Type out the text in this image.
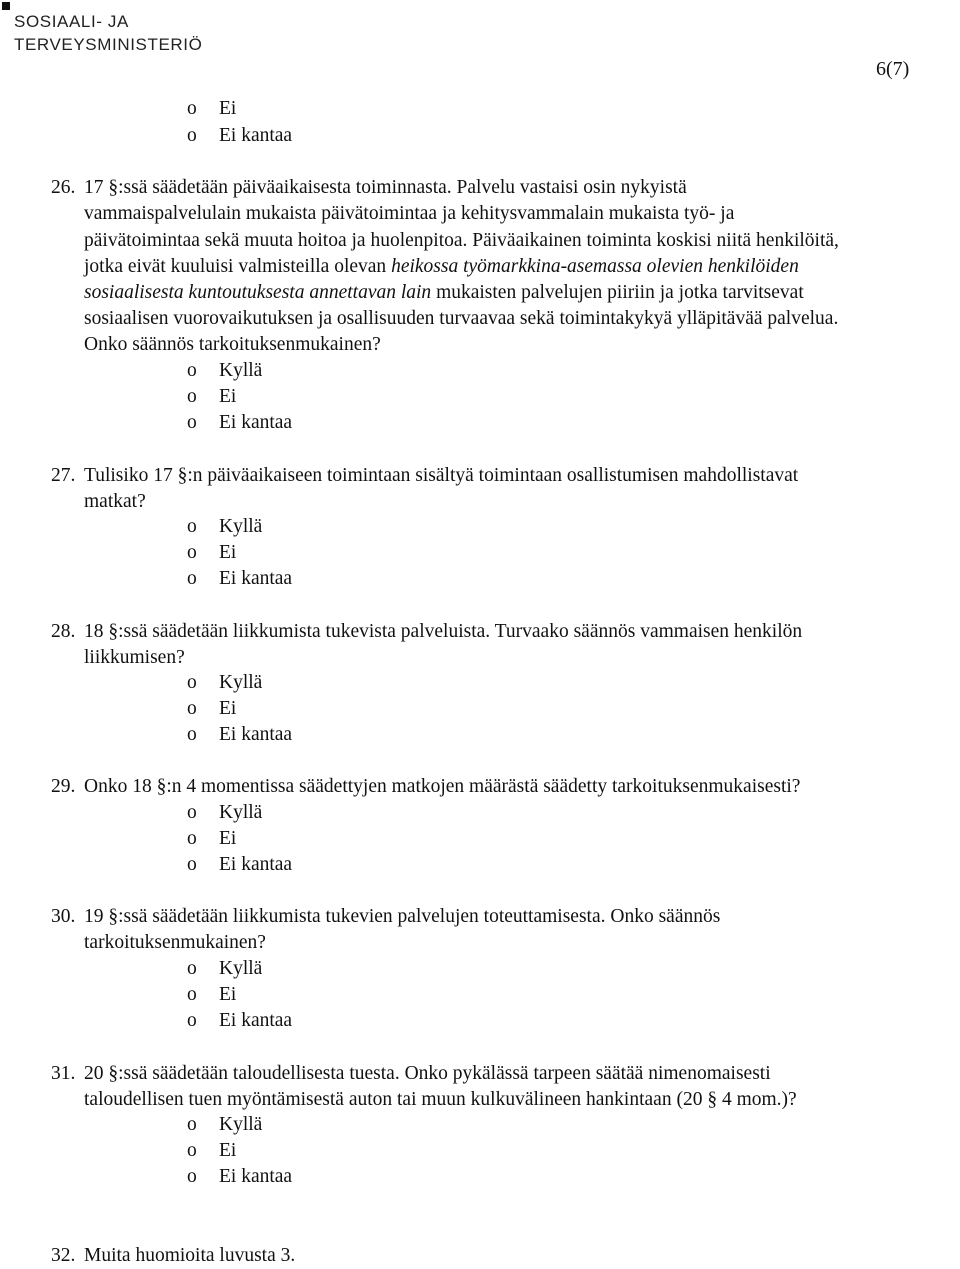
SOSIAALI- JA
TERVEYSMINISTERIÖ
6(7)
o Ei
o Ei kantaa
26. 17 §:ssä säädetään päiväaikaisesta toiminnasta. Palvelu vastaisi osin nykyistä
vammaispalvelulain mukaista päivätoimintaa ja kehitysvammalain mukaista työ- ja
päivätoimintaa sekä muuta hoitoa ja huolenpitoa. Päiväaikainen toiminta koskisi niitä henkilöitä,
jotka eivät kuuluisi valmisteilla olevan heikossa työmarkkina-asemassa olevien henkilöiden
sosiaalisesta kuntoutuksesta annettavan lain mukaisten palvelujen piiriin ja jotka tarvitsevat
sosiaalisen vuorovaikutuksen ja osallisuuden turvaavaa sekä toimintakykyä ylläpitävää palvelua.
Onko säännös tarkoituksenmukainen?
o Kyllä
o Ei
o Ei kantaa
27. Tulisiko 17 §:n päiväaikaiseen toimintaan sisältyä toimintaan osallistumisen mahdollistavat
matkat?
o Kyllä
o Ei
o Ei kantaa
28. 18 §:ssä säädetään liikkumista tukevista palveluista. Turvaako säännös vammaisen henkilön
liikkumisen?
o Kyllä
o Ei
o Ei kantaa
29. Onko 18 §:n 4 momentissa säädettyjen matkojen määrästä säädetty tarkoituksenmukaisesti?
o Kyllä
o Ei
o Ei kantaa
30. 19 §:ssä säädetään liikkumista tukevien palvelujen toteuttamisesta. Onko säännös
tarkoituksenmukainen?
o Kyllä
o Ei
o Ei kantaa
31. 20 §:ssä säädetään taloudellisesta tuesta. Onko pykälässä tarpeen säätää nimenomaisesti
taloudellisen tuen myöntämisestä auton tai muun kulkuvälineen hankintaan (20 § 4 mom.)?
o Kyllä
o Ei
o Ei kantaa
32. Muita huomioita luvusta 3.
